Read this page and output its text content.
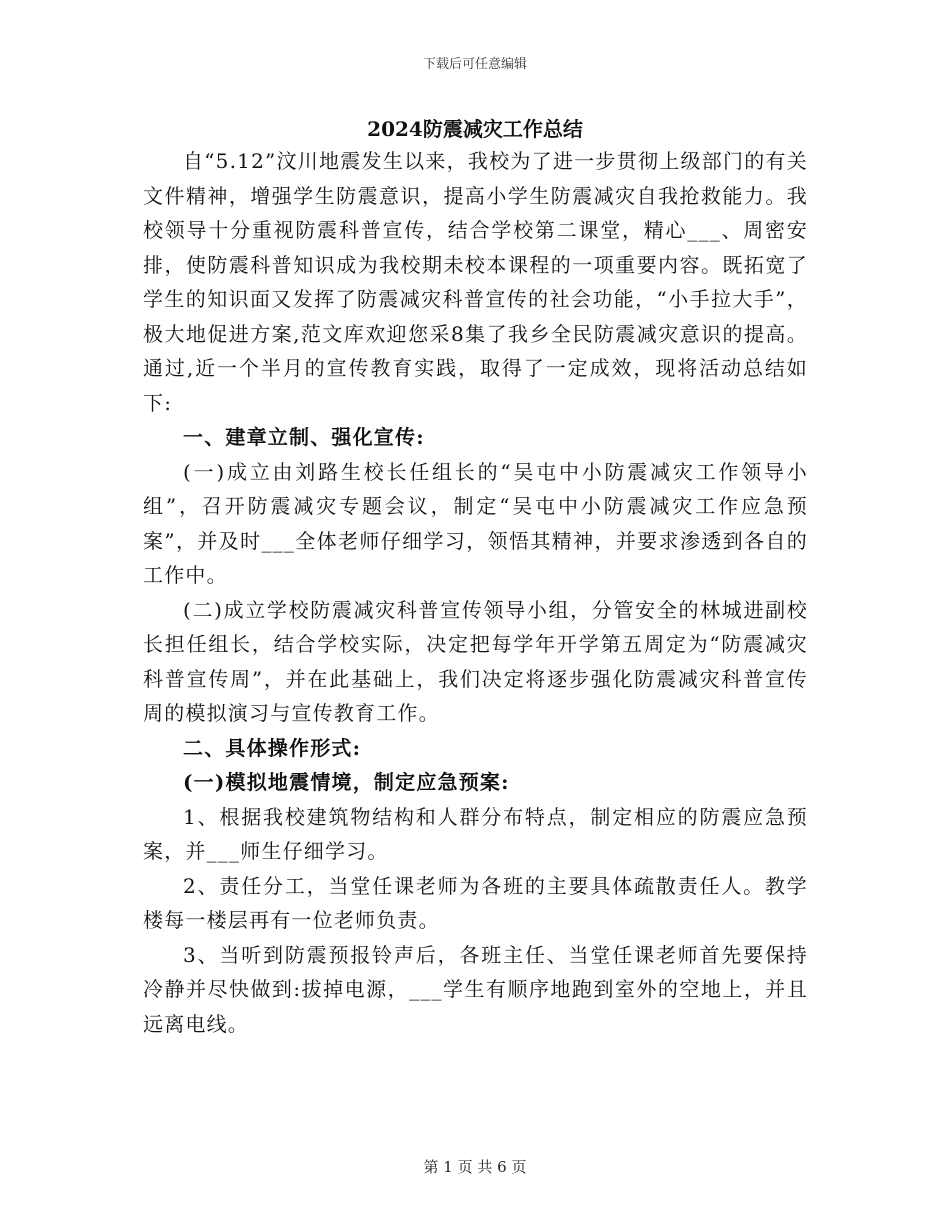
下载后可任意编辑
2024防震减灾工作总结

自“5.12”汶川地震发生以来，我校为了进一步贯彻上级部门的有关文件精神，增强学生防震意识，提高小学生防震减灾自我抢救能力。我校领导十分重视防震科普宣传，结合学校第二课堂，精心___、周密安排，使防震科普知识成为我校期未校本课程的一项重要内容。既拓宽了学生的知识面又发挥了防震减灾科普宣传的社会功能，“小手拉大手”，极大地促进方案,范文库欢迎您采8集了我乡全民防震减灾意识的提高。通过,近一个半月的宣传教育实践，取得了一定成效，现将活动总结如下:

一、建章立制、强化宣传:

(一)成立由刘路生校长任组长的“吴屯中小防震减灾工作领导小组”，召开防震减灾专题会议，制定“吴屯中小防震减灾工作应急预案”，并及时___全体老师仔细学习，领悟其精神，并要求渗透到各自的工作中。

(二)成立学校防震减灾科普宣传领导小组，分管安全的林城进副校长担任组长，结合学校实际，决定把每学年开学第五周定为“防震减灾科普宣传周”，并在此基础上，我们决定将逐步强化防震减灾科普宣传周的模拟演习与宣传教育工作。

二、具体操作形式:

(一)模拟地震情境，制定应急预案:

1、根据我校建筑物结构和人群分布特点，制定相应的防震应急预案，并___师生仔细学习。

2、责任分工，当堂任课老师为各班的主要具体疏散责任人。教学楼每一楼层再有一位老师负责。

3、当听到防震预报铃声后，各班主任、当堂任课老师首先要保持冷静并尽快做到:拔掉电源，___学生有顺序地跑到室外的空地上，并且远离电线。

第 1 页 共 6 页
